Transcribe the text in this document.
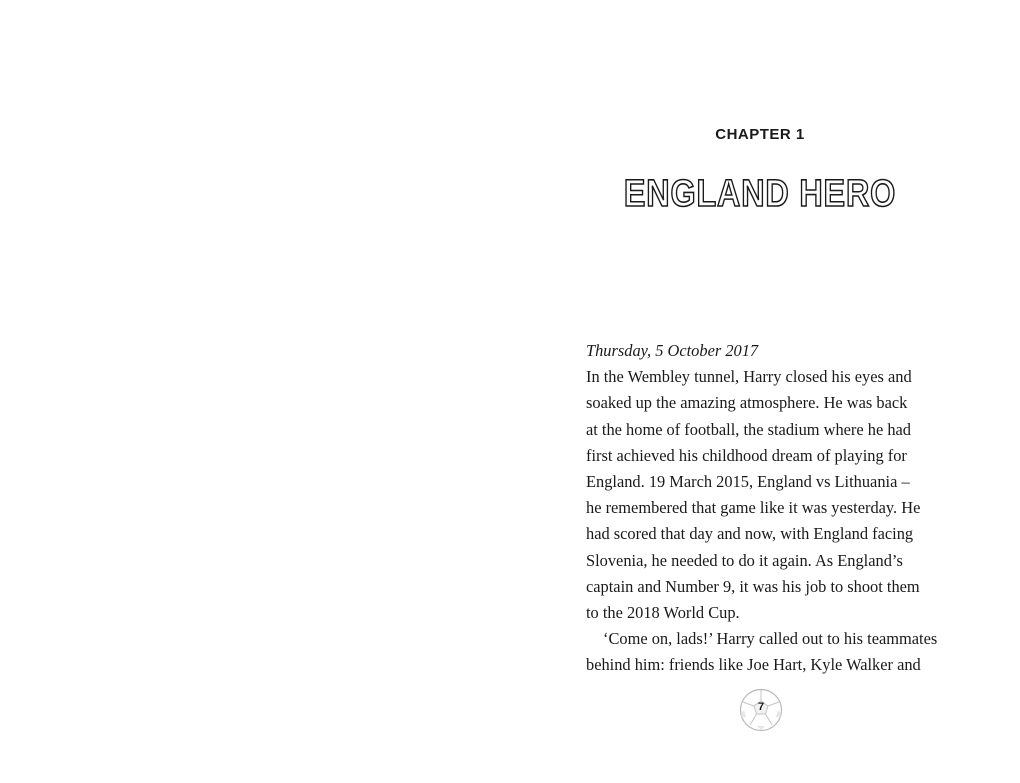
CHAPTER 1
ENGLAND HERO
Thursday, 5 October 2017
In the Wembley tunnel, Harry closed his eyes and
soaked up the amazing atmosphere. He was back
at the home of football, the stadium where he had
first achieved his childhood dream of playing for
England. 19 March 2015, England vs Lithuania –
he remembered that game like it was yesterday. He
had scored that day and now, with England facing
Slovenia, he needed to do it again. As England’s
captain and Number 9, it was his job to shoot them
to the 2018 World Cup.
‘Come on, lads!’ Harry called out to his teammates
behind him: friends like Joe Hart, Kyle Walker and
7
